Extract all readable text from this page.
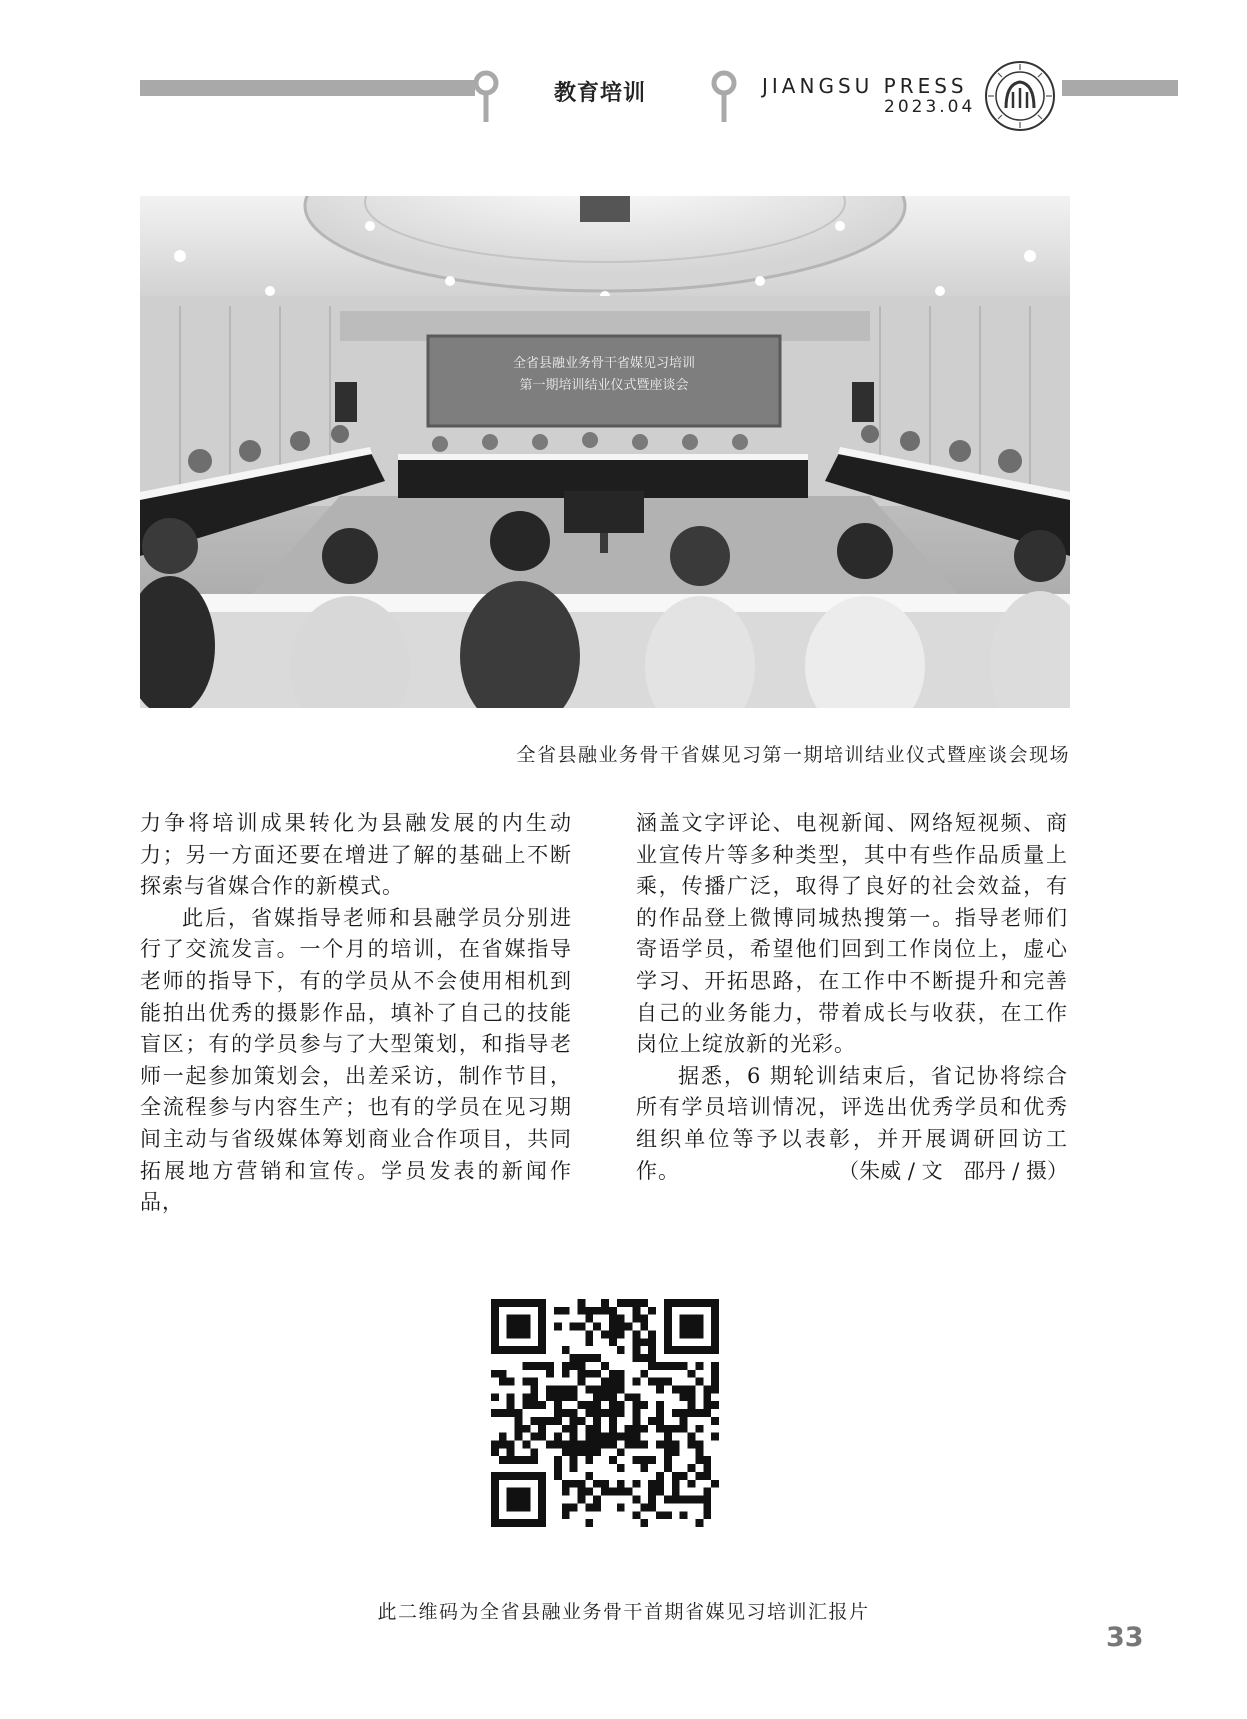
教育培训	JIANGSU PRESS
2023.04
全省县融业务骨干省媒见习培训
第一期培训结业仪式暨座谈会
全省县融业务骨干省媒见习第一期培训结业仪式暨座谈会现场

力争将培训成果转化为县融发展的内生动力；另一方面还要在增进了解的基础上不断探索与省媒合作的新模式。

此后，省媒指导老师和县融学员分别进行了交流发言。一个月的培训，在省媒指导老师的指导下，有的学员从不会使用相机到能拍出优秀的摄影作品，填补了自己的技能盲区；有的学员参与了大型策划，和指导老师一起参加策划会，出差采访，制作节目，全流程参与内容生产；也有的学员在见习期间主动与省级媒体筹划商业合作项目，共同拓展地方营销和宣传。学员发表的新闻作品，

涵盖文字评论、电视新闻、网络短视频、商业宣传片等多种类型，其中有些作品质量上乘，传播广泛，取得了良好的社会效益，有的作品登上微博同城热搜第一。指导老师们寄语学员，希望他们回到工作岗位上，虚心学习、开拓思路，在工作中不断提升和完善自己的业务能力，带着成长与收获，在工作岗位上绽放新的光彩。

据悉，6 期轮训结束后，省记协将综合所有学员培训情况，评选出优秀学员和优秀组织单位等予以表彰，并开展调研回访工作。	（朱威 / 文　邵丹 / 摄）

此二维码为全省县融业务骨干首期省媒见习培训汇报片
33
